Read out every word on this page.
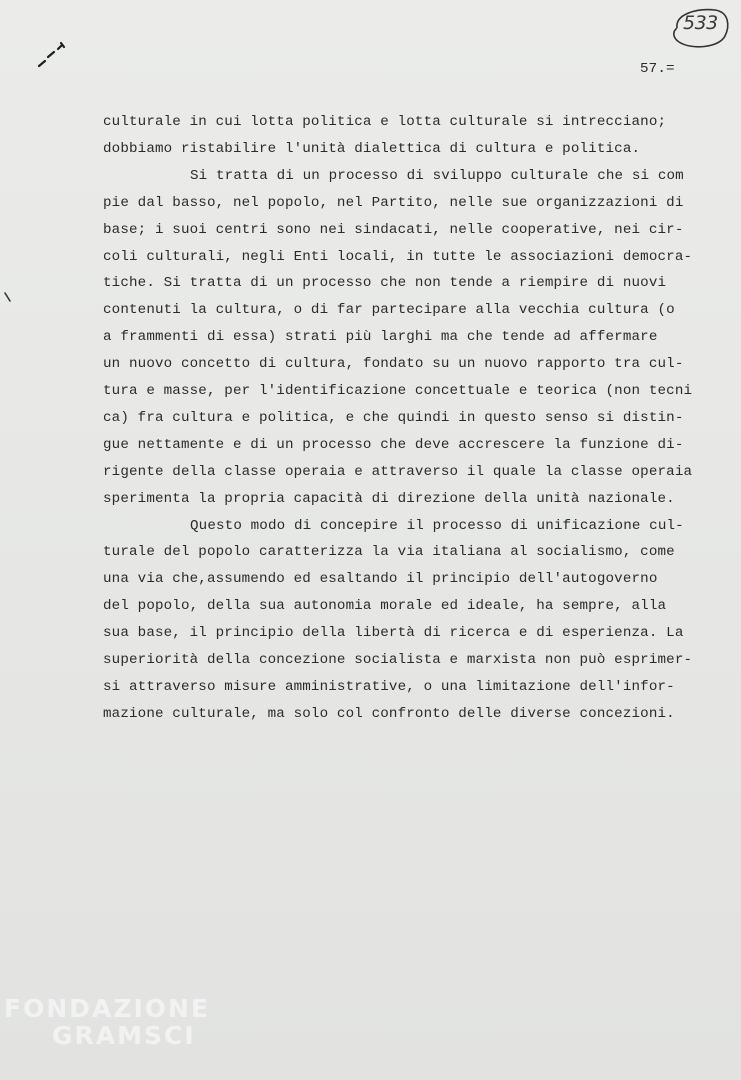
533
57.=
culturale in cui lotta politica e lotta culturale si intrecciano;
dobbiamo ristabilire l'unità dialettica di cultura e politica.
Si tratta di un processo di sviluppo culturale che si com
pie dal basso, nel popolo, nel Partito, nelle sue organizzazioni di
base; i suoi centri sono nei sindacati, nelle cooperative, nei cir-
coli culturali, negli Enti locali, in tutte le associazioni democra-
tiche. Si tratta di un processo che non tende a riempire di nuovi
contenuti la cultura, o di far partecipare alla vecchia cultura (o
a frammenti di essa) strati più larghi ma che tende ad affermare
un nuovo concetto di cultura, fondato su un nuovo rapporto tra cul-
tura e masse, per l'identificazione concettuale e teorica (non tecni
ca) fra cultura e politica, e che quindi in questo senso si distin-
gue nettamente e di un processo che deve accrescere la funzione di-
rigente della classe operaia e attraverso il quale la classe operaia
sperimenta la propria capacità di direzione della unità nazionale.
Questo modo di concepire il processo di unificazione cul-
turale del popolo caratterizza la via italiana al socialismo, come
una via che,assumendo ed esaltando il principio dell'autogoverno
del popolo, della sua autonomia morale ed ideale, ha sempre, alla
sua base, il principio della libertà di ricerca e di esperienza. La
superiorità della concezione socialista e marxista non può esprimer-
si attraverso misure amministrative, o una limitazione dell'infor-
mazione culturale, ma solo col confronto delle diverse concezioni.
FONDAZIONE
GRAMSCI
